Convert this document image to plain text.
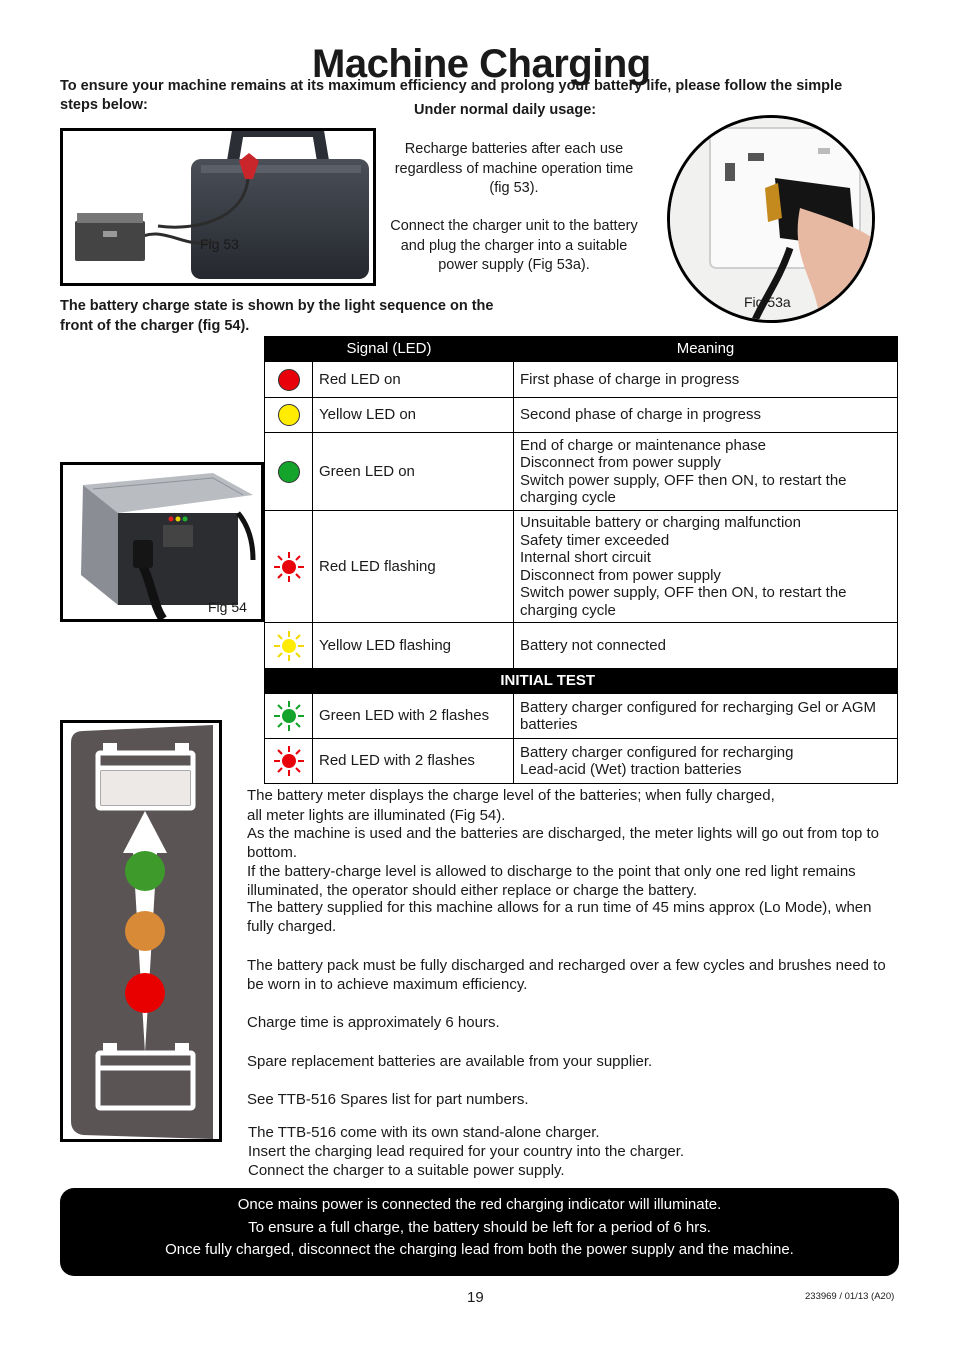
Machine Charging
To ensure your machine remains at its maximum efficiency and prolong your battery life, please follow the simple steps below:	Under normal daily usage:
Recharge batteries after each use regardless of machine operation time (fig 53).
Connect the charger unit to the battery and plug the charger into a suitable power supply (Fig 53a).
Fig 53
Fig 53a
The battery charge state is shown by the light sequence on the front of the charger (fig 54).
Fig 54
Signal (LED)		Meaning
	Red LED on	First phase of charge in progress

	Yellow LED on	Second phase of charge in progress

	Green LED on	End of charge or maintenance phase
Disconnect from power supply
Switch power supply, OFF then ON, to restart the charging cycle

	Red LED flashing	Unsuitable battery or charging malfunction
Safety timer exceeded
Internal short circuit
Disconnect from power supply
Switch power supply, OFF then ON, to restart the charging cycle

	Yellow LED flashing	Battery not connected

	INITIAL TEST	
	Green LED with 2 flashes	Battery charger configured for recharging Gel or AGM batteries

	Red LED with 2 flashes	Battery charger configured for recharging
Lead-acid (Wet) traction batteries
The battery meter displays the charge level of the batteries; when fully charged,
all meter lights are illuminated (Fig 54).
As the machine is used and the batteries are discharged, the meter lights will go out from top to bottom.
If the battery-charge level is allowed to discharge to the point that only one red light remains illuminated, the operator should either replace or charge the battery.
The battery supplied for this machine allows for a run time of 45 mins approx (Lo Mode), when fully charged.
The battery pack must be fully discharged and recharged over a few cycles and brushes need to be worn in to achieve maximum efficiency.
Charge time is approximately 6 hours.
Spare replacement batteries are available from your supplier.
See TTB-516 Spares list for part numbers.
The TTB-516 come with its own stand-alone charger.
Insert the charging lead required for your country into the charger.
Connect the charger to a suitable power supply.
Once mains power is connected the red charging indicator will illuminate.
To ensure a full charge, the battery should be left for a period of 6 hrs.
Once fully charged, disconnect the charging lead from both the power supply and the machine.
19	233969 / 01/13 (A20)
